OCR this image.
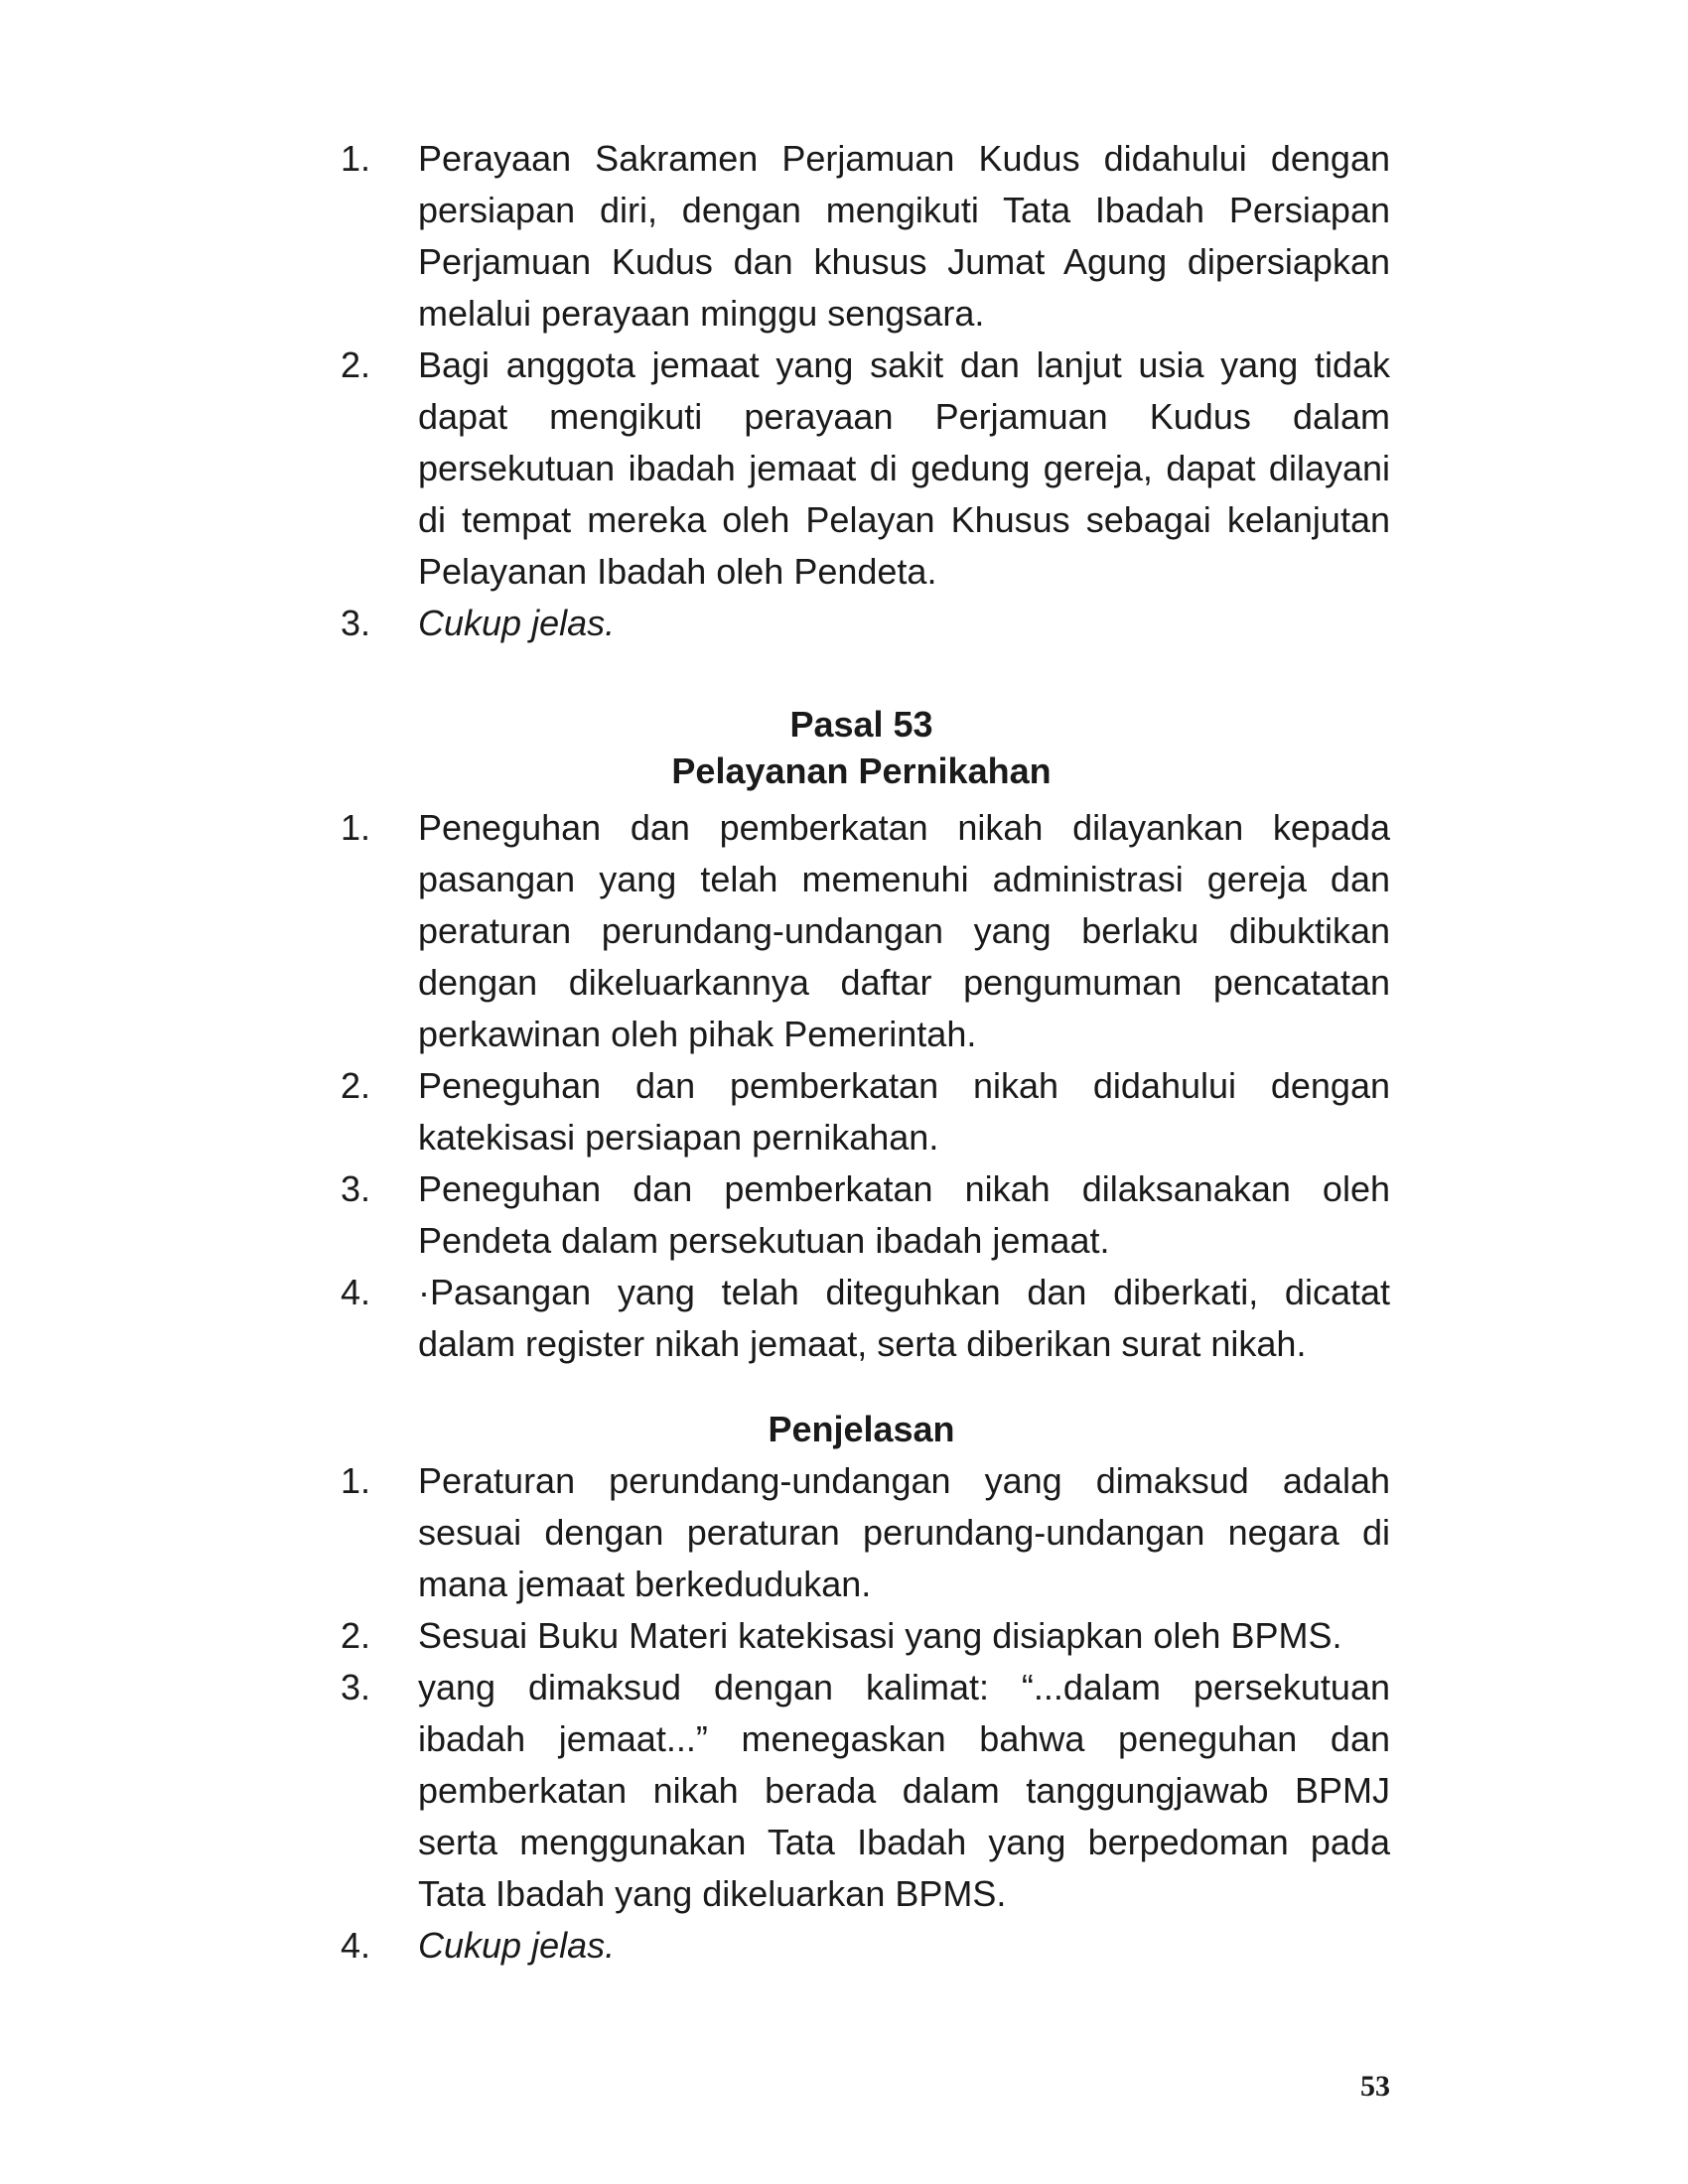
1.	Perayaan Sakramen Perjamuan Kudus didahului dengan persiapan diri, dengan mengikuti Tata Ibadah Persiapan Perjamuan Kudus dan khusus Jumat Agung dipersiapkan melalui perayaan minggu sengsara.
2.	Bagi anggota jemaat yang sakit dan lanjut usia yang tidak dapat mengikuti perayaan Perjamuan Kudus dalam persekutuan ibadah jemaat di gedung gereja, dapat dilayani di tempat mereka oleh Pelayan Khusus sebagai kelanjutan Pelayanan Ibadah oleh Pendeta.
3.	Cukup jelas.
Pasal 53
Pelayanan Pernikahan
1.	Peneguhan dan pemberkatan nikah dilayankan kepada pasangan yang telah memenuhi administrasi gereja dan peraturan perundang-undangan yang berlaku dibuktikan dengan dikeluarkannya daftar pengumuman pencatatan perkawinan oleh pihak Pemerintah.
2.	Peneguhan dan pemberkatan nikah didahului dengan katekisasi persiapan pernikahan.
3.	Peneguhan dan pemberkatan nikah dilaksanakan oleh Pendeta dalam persekutuan ibadah jemaat.
4.	·Pasangan yang telah diteguhkan dan diberkati, dicatat dalam register nikah jemaat, serta diberikan surat nikah.
Penjelasan
1.	Peraturan perundang-undangan yang dimaksud adalah sesuai dengan peraturan perundang-undangan negara di mana jemaat berkedudukan.
2.	Sesuai Buku Materi katekisasi yang disiapkan oleh BPMS.
3.	yang dimaksud dengan kalimat: “...dalam persekutuan ibadah jemaat...” menegaskan bahwa peneguhan dan pemberkatan nikah berada dalam tanggungjawab BPMJ serta menggunakan Tata Ibadah yang berpedoman pada Tata Ibadah yang dikeluarkan BPMS.
4.	Cukup jelas.
53
